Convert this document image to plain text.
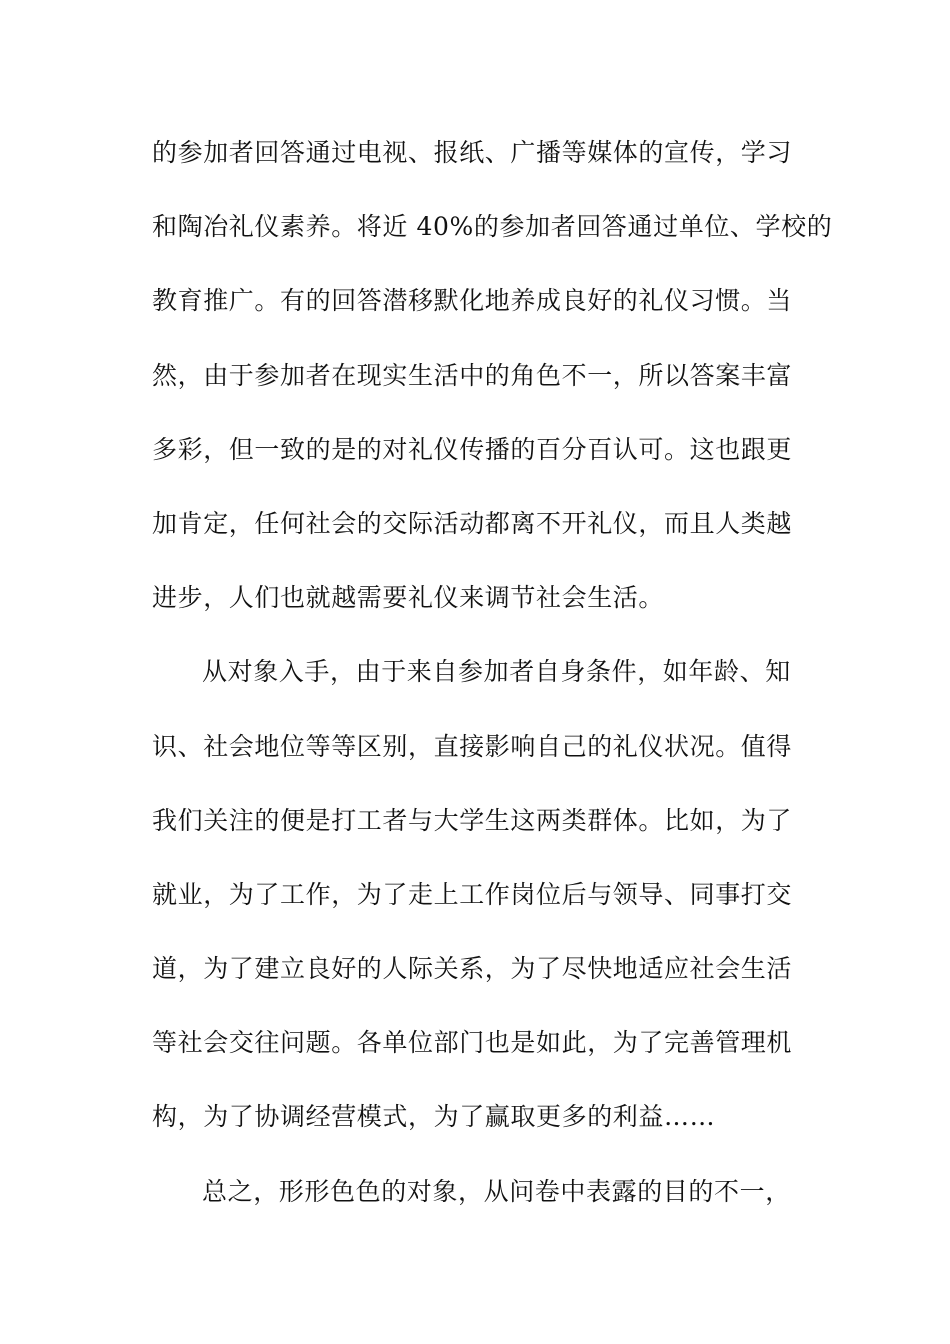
的参加者回答通过电视、报纸、广播等媒体的宣传，学习
和陶冶礼仪素养。将近 40%的参加者回答通过单位、学校的
教育推广。有的回答潜移默化地养成良好的礼仪习惯。当
然，由于参加者在现实生活中的角色不一，所以答案丰富
多彩，但一致的是的对礼仪传播的百分百认可。这也跟更
加肯定，任何社会的交际活动都离不开礼仪，而且人类越
进步，人们也就越需要礼仪来调节社会生活。
从对象入手，由于来自参加者自身条件，如年龄、知
识、社会地位等等区别，直接影响自己的礼仪状况。值得
我们关注的便是打工者与大学生这两类群体。比如，为了
就业，为了工作，为了走上工作岗位后与领导、同事打交
道，为了建立良好的人际关系，为了尽快地适应社会生活
等社会交往问题。各单位部门也是如此，为了完善管理机
构，为了协调经营模式，为了赢取更多的利益……
总之，形形色色的对象，从问卷中表露的目的不一，
